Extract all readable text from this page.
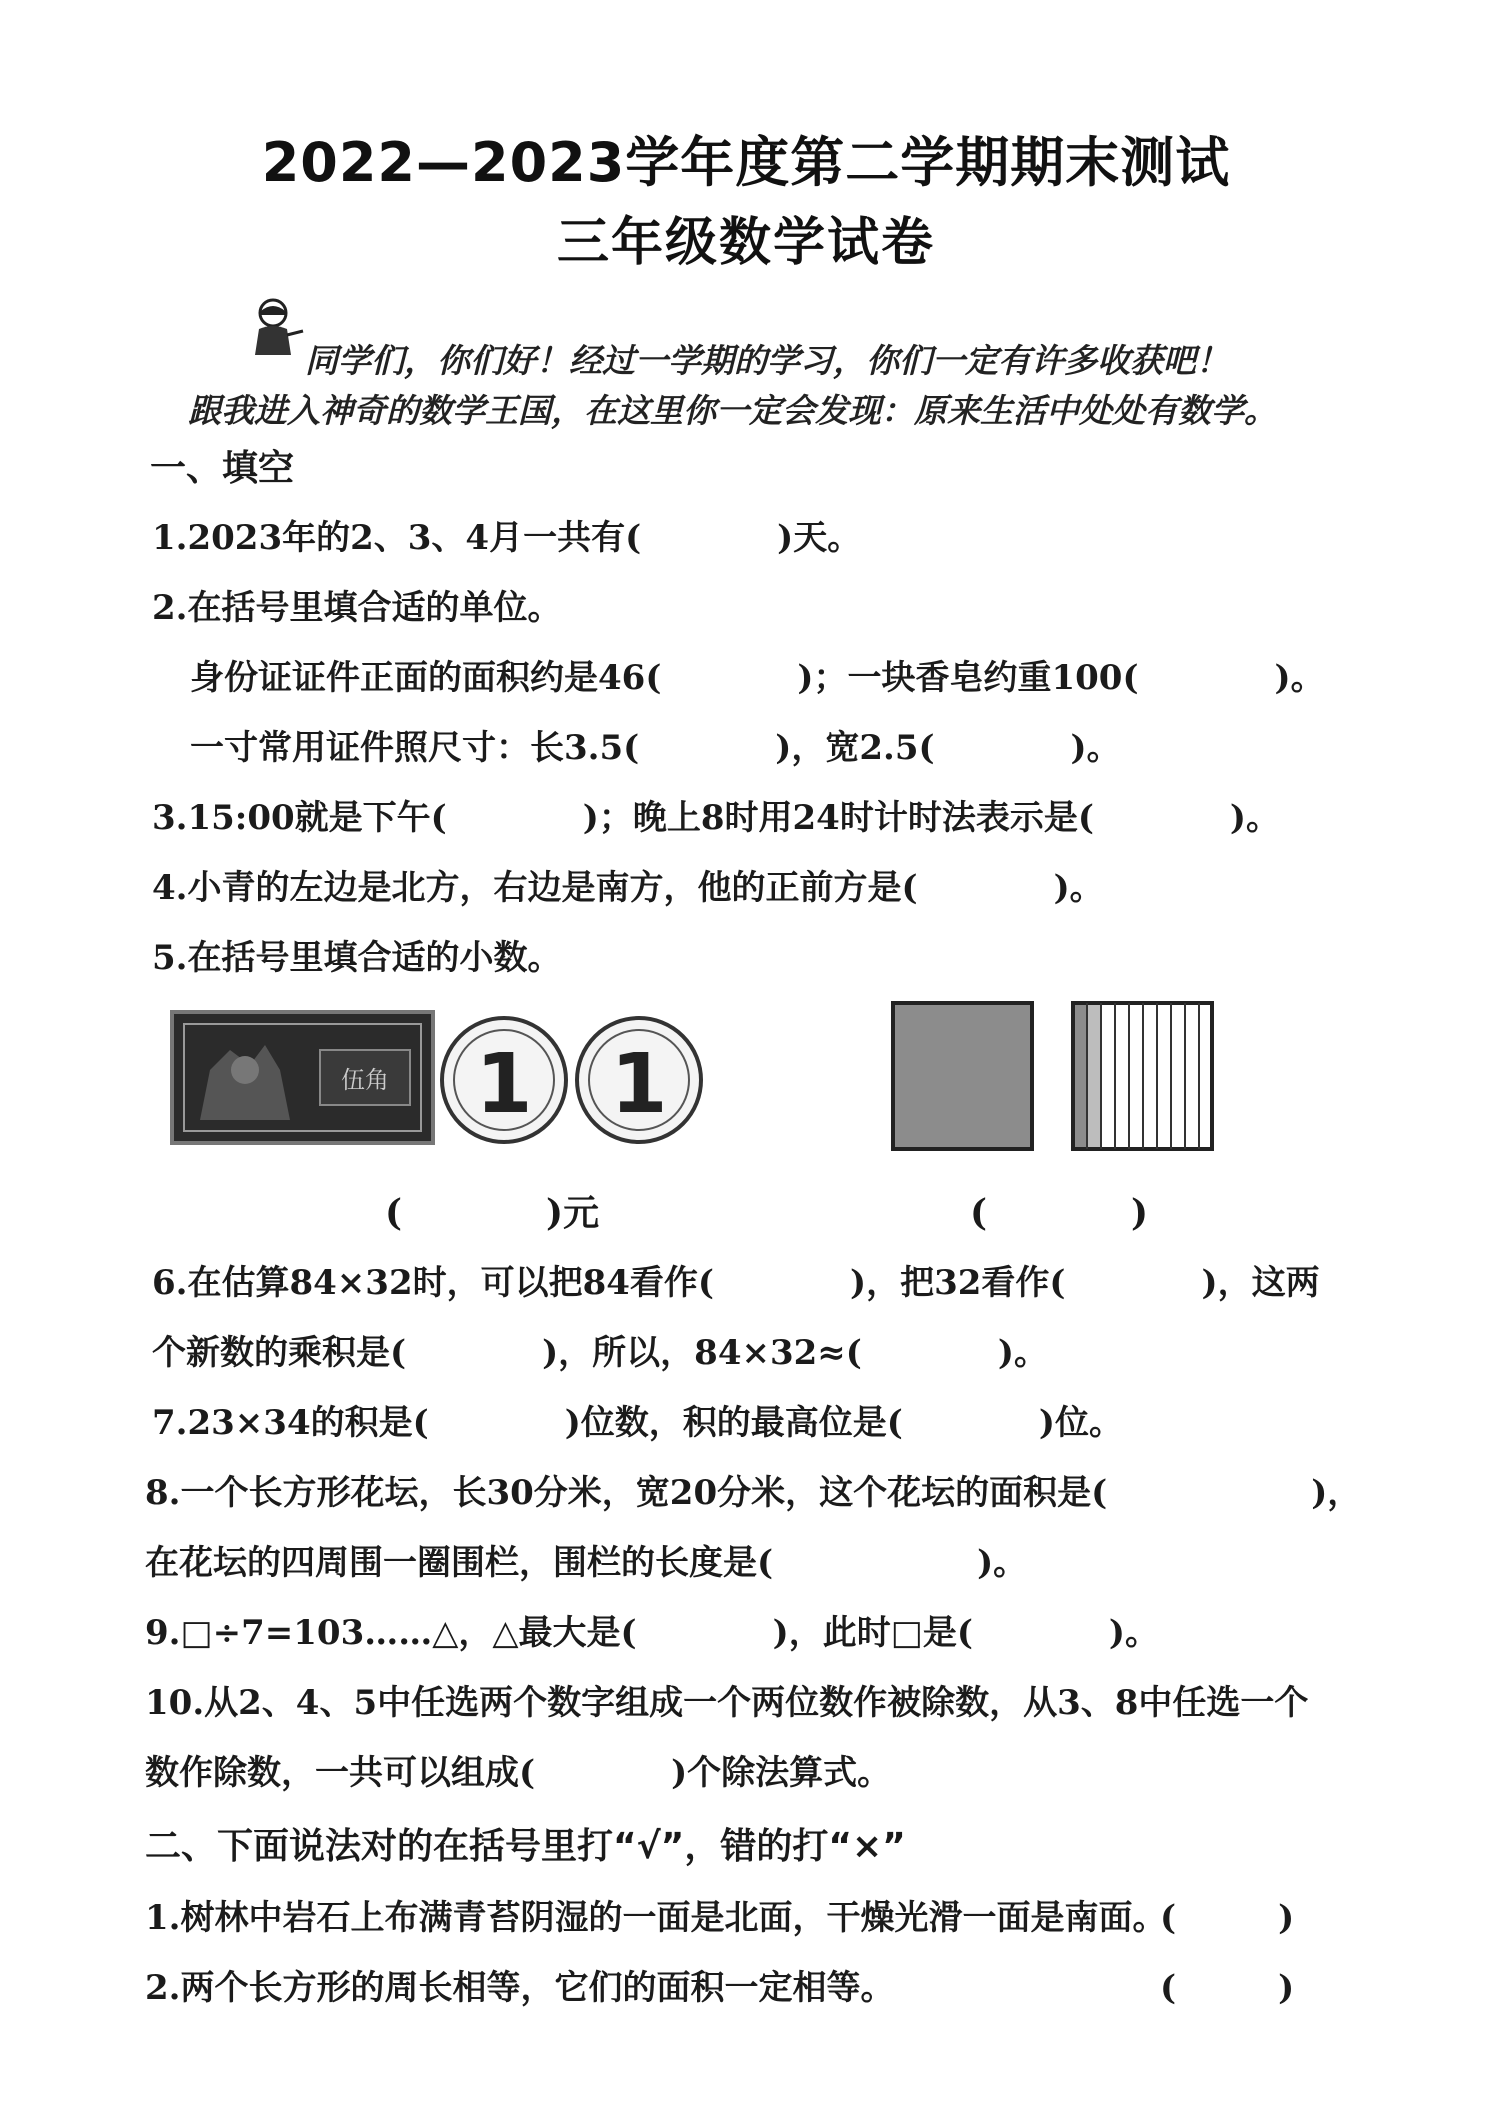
2022—2023学年度第二学期期末测试
三年级数学试卷
同学们，你们好！经过一学期的学习，你们一定有许多收获吧！
跟我进入神奇的数学王国，在这里你一定会发现：原来生活中处处有数学。
一、填空
1.2023年的2、3、4月一共有(　　　　)天。
2.在括号里填合适的单位。
身份证证件正面的面积约是46(　　　　)；一块香皂约重100(　　　　)。
一寸常用证件照尺寸：长3.5(　　　　)，宽2.5(　　　　)。
3.15:00就是下午(　　　　)；晚上8时用24时计时法表示是(　　　　)。
4.小青的左边是北方，右边是南方，他的正前方是(　　　　)。
5.在括号里填合适的小数。
伍角 1 1
(　　　　)元	(　　　　)
6.在估算84×32时，可以把84看作(　　　　)，把32看作(　　　　)，这两
个新数的乘积是(　　　　)，所以，84×32≈(　　　　)。
7.23×34的积是(　　　　)位数，积的最高位是(　　　　)位。
8.一个长方形花坛，长30分米，宽20分米，这个花坛的面积是(　　　　　　)，
在花坛的四周围一圈围栏，围栏的长度是(　　　　　　)。
9.□÷7=103……△，△最大是(　　　　)，此时□是(　　　　)。
10.从2、4、5中任选两个数字组成一个两位数作被除数，从3、8中任选一个
数作除数，一共可以组成(　　　　)个除法算式。
二、下面说法对的在括号里打“√”，错的打“×”
1.树林中岩石上布满青苔阴湿的一面是北面，干燥光滑一面是南面。
(　　　)
2.两个长方形的周长相等，它们的面积一定相等。	(　　　)
